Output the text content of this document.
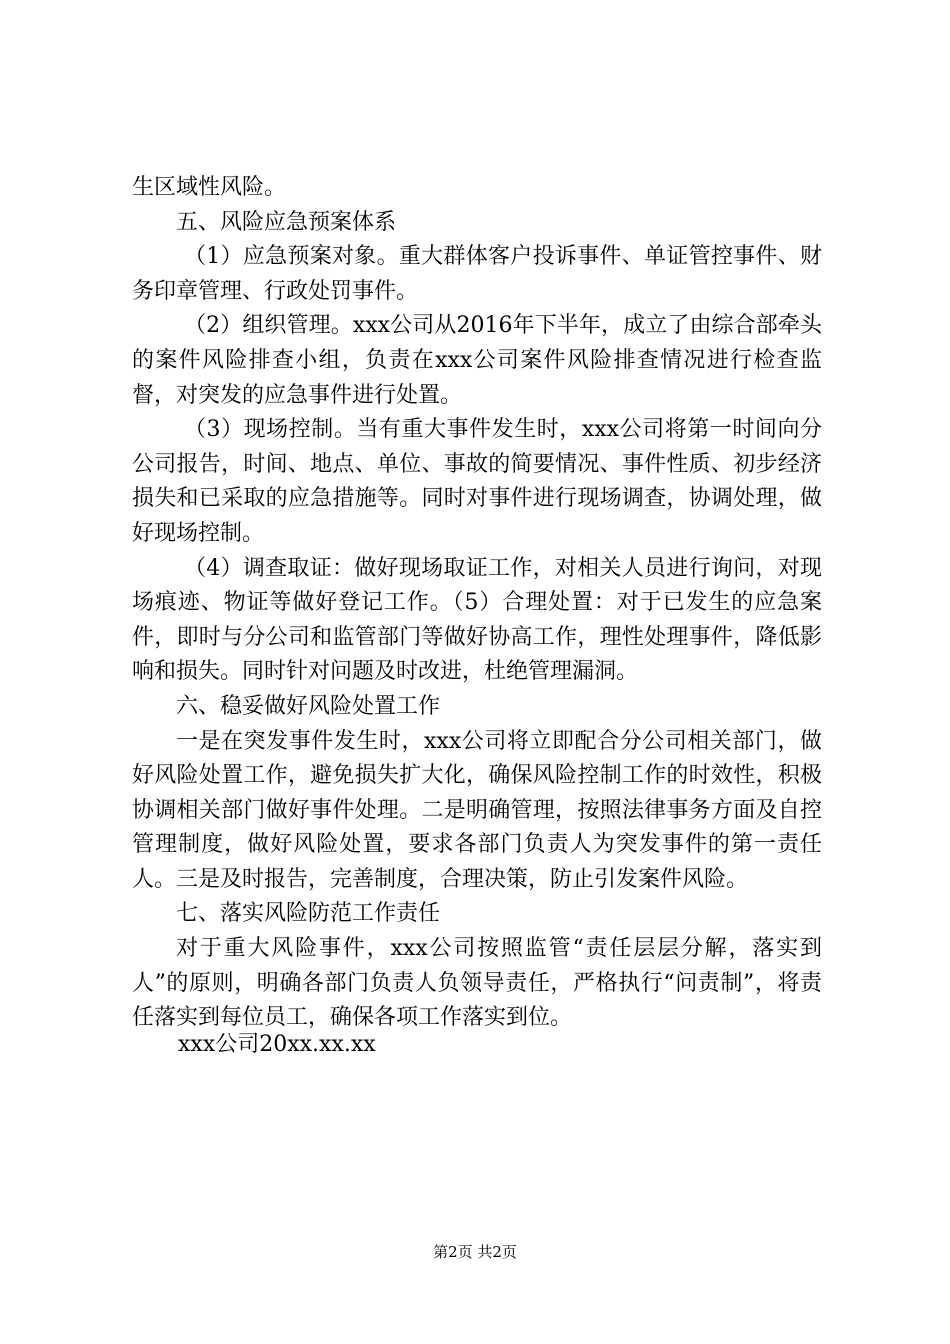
生区域性风险。

五、风险应急预案体系

（1）应急预案对象。重大群体客户投诉事件、单证管控事件、财务印章管理、行政处罚事件。

（2）组织管理。xxx公司从2016年下半年，成立了由综合部牵头的案件风险排查小组，负责在xxx公司案件风险排查情况进行检查监督，对突发的应急事件进行处置。

（3）现场控制。当有重大事件发生时，xxx公司将第一时间向分公司报告，时间、地点、单位、事故的简要情况、事件性质、初步经济损失和已采取的应急措施等。同时对事件进行现场调查，协调处理，做好现场控制。

（4）调查取证：做好现场取证工作，对相关人员进行询问，对现场痕迹、物证等做好登记工作。（5）合理处置：对于已发生的应急案件，即时与分公司和监管部门等做好协高工作，理性处理事件，降低影响和损失。同时针对问题及时改进，杜绝管理漏洞。

六、稳妥做好风险处置工作

一是在突发事件发生时，xxx公司将立即配合分公司相关部门，做好风险处置工作，避免损失扩大化，确保风险控制工作的时效性，积极协调相关部门做好事件处理。二是明确管理，按照法律事务方面及自控管理制度，做好风险处置，要求各部门负责人为突发事件的第一责任人。三是及时报告，完善制度，合理决策，防止引发案件风险。

七、落实风险防范工作责任

对于重大风险事件，xxx公司按照监管“责任层层分解，落实到人”的原则，明确各部门负责人负领导责任，严格执行“问责制”，将责任落实到每位员工，确保各项工作落实到位。

xxx公司20xx.xx.xx
第2页 共2页
